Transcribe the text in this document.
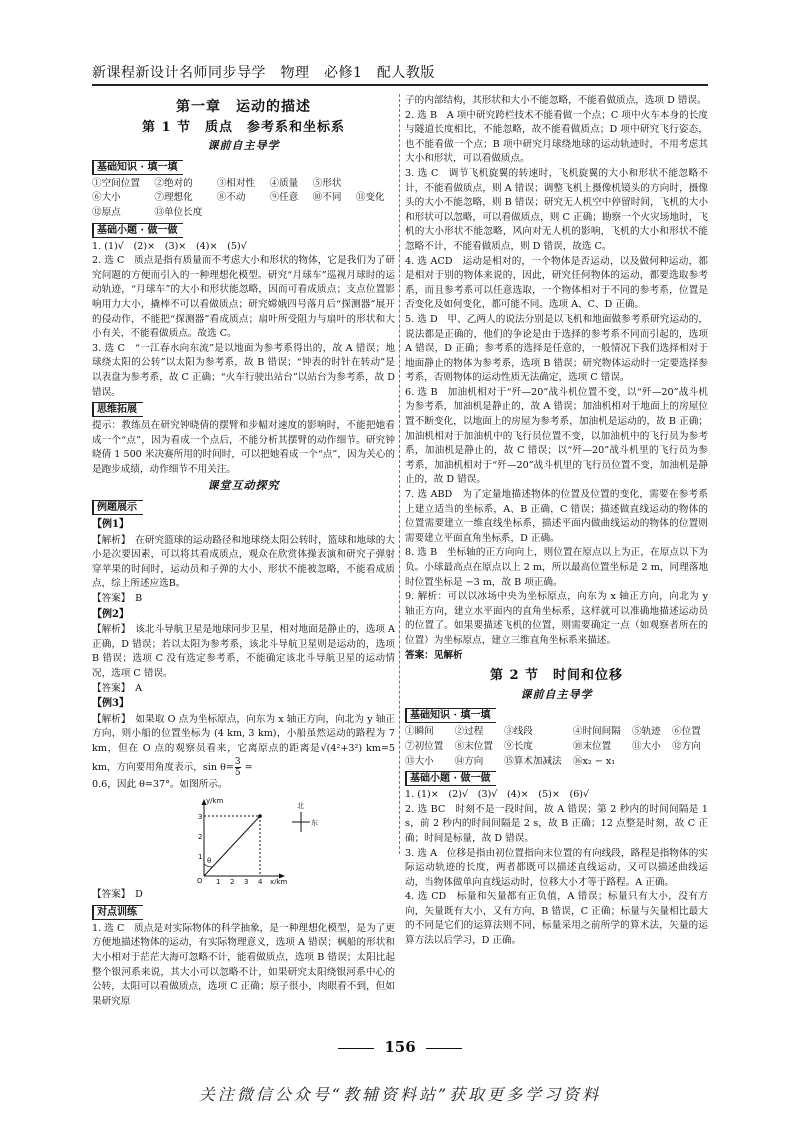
新课程新设计名师同步导学　物理　必修1　配人教版
第一章　运动的描述
第 1 节　质点　参考系和坐标系
课前自主导学
基础知识 · 填一填
①空间位置	②绝对的	③相对性	④质量	⑤形状
⑥大小	⑦理想化	⑧不动	⑨任意	⑩不同	⑪变化
⑫原点	⑬单位长度
基础小题 · 做一做

1. (1)√　(2)×　(3)×　(4)×　(5)√

2. 选 C　质点是指有质量而不考虑大小和形状的物体，它是我们为了研究问题的方便而引入的一种理想化模型。研究“月球车”巡视月球时的运动轨迹，“月球车”的大小和形状能忽略，因而可看成质点；支点位置影响用力大小，撬棒不可以看做质点；研究嫦娥四号落月后“探测器”展开的侵动作，不能把“探测器”看成质点；扇叶所受阻力与扇叶的形状和大小有关，不能看做质点。故选 C。

3. 选 C　“一江春水向东流”是以地面为参考系得出的，故 A 错误；地球绕太阳的公转”以太阳为参考系，故 B 错误；“钟表的时针在转动”是以表盘为参考系，故 C 正确；“火车行驶出站台”以站台为参考系，故 D 错误。

思维拓展

提示：教练员在研究钟晓倩的摆臂和步幅对速度的影响时，不能把她看成一个“点”，因为看成一个点后，不能分析其摆臂的动作细节。研究钟晓倩 1 500 米决赛所用的时间时，可以把她看成一个“点”，因为关心的是跑步成绩，动作细节不用关注。

课堂互动探究
例题展示
【例1】

【解析】　在研究篮球的运动路径和地球绕太阳公转时，篮球和地球的大小是次要因素，可以将其看成质点，观众在欣赏体操表演和研究子弹射穿苹果的时间时，运动员和子弹的大小、形状不能被忽略，不能看成质点，综上所述应选B。

【答案】　B

【例2】

【解析】　该北斗导航卫星是地球同步卫星，相对地面是静止的，选项 A 正确，D 错误；若以太阳为参考系，该北斗导航卫星则是运动的，选项 B 错误；选项 C 没有选定参考系，不能确定该北斗导航卫星的运动情况，选项 C 错误。

【答案】　A

【例3】

【解析】　如果取 O 点为坐标原点，向东为 x 轴正方向，向北为 y 轴正方向，则小船的位置坐标为 (4 km, 3 km)，小船虽然运动的路程为 7 km，但在 O 点的观察员看来，它离原点的距离是√(4²+3²) km=5 km，方向要用角度表示，$\sin \theta= \frac{3}{5}$ =

0.6，因此 θ=37°。如图所示。

y/km
x/km
O
θ
1 2 3 4
1
2
3
北
东

【答案】　D

对点训练

1. 选 C　质点是对实际物体的科学抽象，是一种理想化模型，是为了更方便地描述物体的运动，有实际物理意义，选项 A 错误；枫船的形状和大小相对于茫茫大海可忽略不计，能看做质点，选项 B 错误；太阳比起整个银河系来说，其大小可以忽略不计，如果研究太阳绕银河系中心的公转，太阳可以看做质点，选项 C 正确；原子很小，肉眼看不到，但如果研究原

子的内部结构，其形状和大小不能忽略，不能看做质点，选项 D 错误。

2. 选 B　A 项中研究跨栏技术不能看做一个点；C 项中火车本身的长度与隧道长度相比，不能忽略，故不能看做质点；D 项中研究飞行姿态，也不能看做一个点；B 项中研究月球绕地球的运动轨迹时，不用考虑其大小和形状，可以看做质点。

3. 选 C　调节飞机旋翼的转速时，飞机旋翼的大小和形状不能忽略不计，不能看做质点，则 A 错误；调整飞机上摄像机镜头的方向时，摄像头的大小不能忽略，则 B 错误；研究无人机空中停留时间，飞机的大小和形状可以忽略，可以看做质点，则 C 正确；勘察一个火灾场地时，飞机的大小形状不能忽略，风向对无人机的影响，飞机的大小和形状不能忽略不计，不能看做质点，则 D 错误，故选 C。

4. 选 ACD　运动是相对的，一个物体是否运动，以及做何种运动，都是相对于别的物体来说的，因此，研究任何物体的运动，都要选取参考系，而且参考系可以任意选取，一个物体相对于不同的参考系，位置是否变化及如何变化，都可能不同。选项 A、C、D 正确。

5. 选 D　甲、乙两人的说法分别是以飞机和地面做参考系研究运动的，说法都是正确的，他们的争论是由于选择的参考系不同而引起的，选项 A 错误，D 正确；参考系的选择是任意的，一般情况下我们选择相对于地面静止的物体为参考系，选项 B 错误；研究物体运动时一定要选择参考系，否则物体的运动性质无法确定，选项 C 错误。

6. 选 B　加油机相对于“歼—20”战斗机位置不变，以“歼—20”战斗机为参考系，加油机是静止的，故 A 错误；加油机相对于地面上的房屋位置不断变化，以地面上的房屋为参考系，加油机是运动的，故 B 正确；加油机相对于加油机中的飞行员位置不变，以加油机中的飞行员为参考系，加油机是静止的，故 C 错误；以“歼—20”战斗机里的飞行员为参考系，加油机相对于“歼—20”战斗机里的飞行员位置不变，加油机是静止的，故 D 错误。

7. 选 ABD　为了定量地描述物体的位置及位置的变化，需要在参考系上建立适当的坐标系，A、B 正确，C 错误；描述做直线运动的物体的位置需要建立一维直线坐标系，描述平面内做曲线运动的物体的位置则需要建立平面直角坐标系，D 正确。

8. 选 B　坐标轴的正方向向上，则位置在原点以上为正，在原点以下为负。小球最高点在原点以上 2 m，所以最高位置坐标是 2 m，同理落地时位置坐标是 −3 m，故 B 项正确。

9. 解析：可以以冰场中央为坐标原点，向东为 x 轴正方向，向北为 y 轴正方向，建立水平面内的直角坐标系，这样就可以准确地描述运动员的位置了。如果要描述飞机的位置，则需要确定一点（如观察者所在的位置）为坐标原点，建立三维直角坐标系来描述。

答案：见解析

第 2 节　时间和位移
课前自主导学
基础知识 · 填一填
①瞬间	②过程	③线段	④时间间隔	⑤轨迹	⑥位置
⑦初位置	⑧末位置	⑨长度	⑩末位置	⑪大小	⑫方向
⑬大小	⑭方向	⑮算术加减法	⑯x₂ − x₁
基础小题 · 做一做

1. (1)×　(2)√　(3)√　(4)×　(5)×　(6)√

2. 选 BC　时刻不是一段时间，故 A 错误；第 2 秒内的时间间隔是 1 s，前 2 秒内的时间间隔是 2 s，故 B 正确；12 点整是时刻，故 C 正确；时间是标量，故 D 错误。

3. 选 A　位移是指由初位置指向末位置的有向线段，路程是指物体的实际运动轨迹的长度，两者都既可以描述直线运动，又可以描述曲线运动，当物体做单向直线运动时，位移大小才等于路程。A 正确。

4. 选 CD　标量和矢量都有正负值，A 错误；标量只有大小，没有方向，矢量既有大小，又有方向，B 错误，C 正确；标量与矢量相比最大的不同是它们的运算法则不同，标量采用之前所学的算术法，矢量的运算方法以后学习，D 正确。

156
关注微信公众号“教辅资料站”获取更多学习资料
